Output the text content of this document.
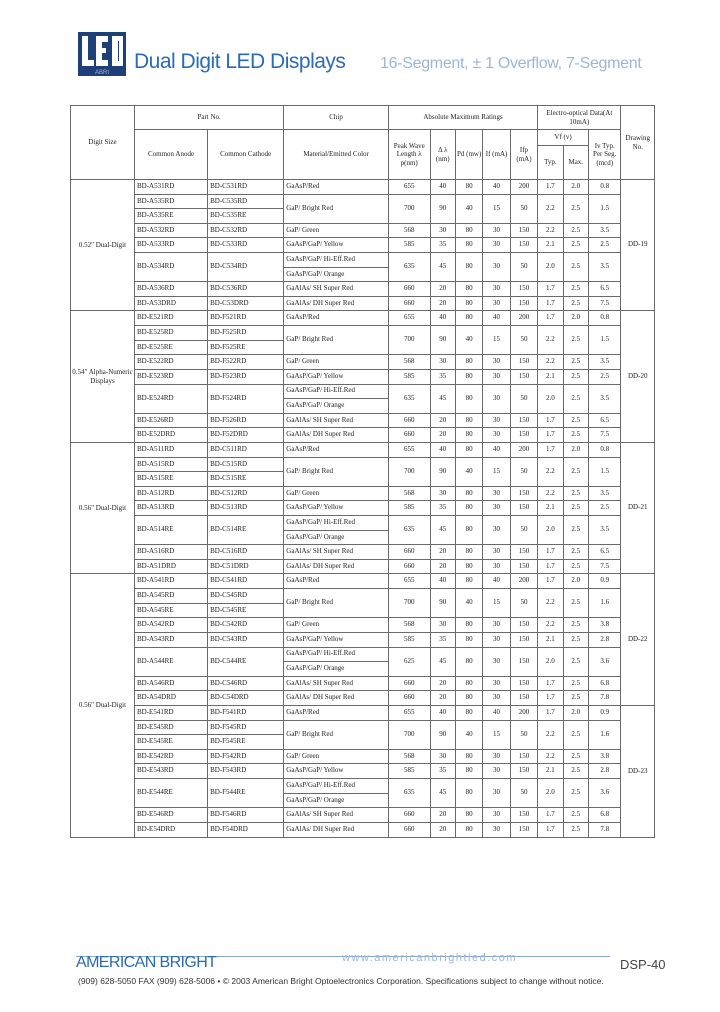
ABRI Dual Digit LED Displays 16-Segment, ± 1 Overflow, 7-Segment
Digit Size	Part No.		Chip	Absolute Maximum Ratings					Electro-optical Data(At 10mA)			Drawing No.
	Common Anode	Common Cathode	Material/Emitted Color	Peak Wave Length λ p(nm)	Δ λ (nm)	Pd (mw)	If (mA)	Ifp (mA)	Vf (v)		Iv Typ. Per Seg. (mcd)	
									Typ.	Max.		
0.52" Dual-Digit	BD-A531RD	BD-C531RD	GaAsP/Red	655	40	80	40	200	1.7	2.0	0.8	DD-19
	BD-A535RD	BD-C535RD	GaP/ Bright Red	700	90	40	15	50	2.2	2.5	1.5	
	BD-A535RE	BD-C535RE										
	BD-A532RD	BD-C532RD	GaP/ Green	568	30	80	30	150	2.2	2.5	3.5	
	BD-A533RD	BD-C533RD	GaAsP/GaP/ Yellow	585	35	80	30	150	2.1	2.5	2.5	
	BD-A534RD	BD-C534RD	GaAsP/GaP/ Hi-Eff.Red	635	45	80	30	50	2.0	2.5	3.5	
			GaAsP/GaP/ Orange									
	BD-A536RD	BD-C536RD	GaAlAs/ SH Super Red	660	20	80	30	150	1.7	2.5	6.5	
	BD-A53DRD	BD-C53DRD	GaAlAs/ DH Super Red	660	20	80	30	150	1.7	2.5	7.5	
0.54" Alpha-Numeric Displays	BD-E521RD	BD-F521RD	GaAsP/Red	655	40	80	40	200	1.7	2.0	0.8	DD-20
	BD-E525RD	BD-F525RD	GaP/ Bright Red	700	90	40	15	50	2.2	2.5	1.5	
	BD-E525RE	BD-F525RE										
	BD-E522RD	BD-F522RD	GaP/ Green	568	30	80	30	150	2.2	2.5	3.5	
	BD-E523RD	BD-F523RD	GaAsP/GaP/ Yellow	585	35	80	30	150	2.1	2.5	2.5	
	BD-E524RD	BD-F524RD	GaAsP/GaP/ Hi-Eff.Red	635	45	80	30	50	2.0	2.5	3.5	
			GaAsP/GaP/ Orange									
	BD-E526RD	BD-F526RD	GaAlAs/ SH Super Red	660	20	80	30	150	1.7	2.5	6.5	
	BD-E52DRD	BD-F52DRD	GaAlAs/ DH Super Red	660	20	80	30	150	1.7	2.5	7.5	
0.56" Dual-Digit	BD-A511RD	BD-C511RD	GaAsP/Red	655	40	80	40	200	1.7	2.0	0.8	DD-21
	BD-A515RD	BD-C515RD	GaP/ Bright Red	700	90	40	15	50	2.2	2.5	1.5	
	BD-A515RE	BD-C515RE										
	BD-A512RD	BD-C512RD	GaP/ Green	568	30	80	30	150	2.2	2.5	3.5	
	BD-A513RD	BD-C513RD	GaAsP/GaP/ Yellow	585	35	80	30	150	2.1	2.5	2.5	
	BD-A514RE	BD-C514RE	GaAsP/GaP/ Hi-Eff.Red	635	45	80	30	50	2.0	2.5	3.5	
			GaAsP/GaP/ Orange									
	BD-A516RD	BD-C516RD	GaAlAs/ SH Super Red	660	20	80	30	150	1.7	2.5	6.5	
	BD-A51DRD	BD-C51DRD	GaAlAs/ DH Super Red	660	20	80	30	150	1.7	2.5	7.5	
0.56" Dual-Digit	BD-A541RD	BD-C541RD	GaAsP/Red	655	40	80	40	200	1.7	2.0	0.9	DD-22
	BD-A545RD	BD-C545RD	GaP/ Bright Red	700	90	40	15	50	2.2	2.5	1.6	
	BD-A545RE	BD-C545RE										
	BD-A542RD	BD-C542RD	GaP/ Green	568	30	80	30	150	2.2	2.5	3.8	
	BD-A543RD	BD-C543RD	GaAsP/GaP/ Yellow	585	35	80	30	150	2.1	2.5	2.8	
	BD-A544RE	BD-C544RE	GaAsP/GaP/ Hi-Eff.Red	625	45	80	30	150	2.0	2.5	3.6	
			GaAsP/GaP/ Orange									
	BD-A546RD	BD-C546RD	GaAlAs/ SH Super Red	660	20	80	30	150	1.7	2.5	6.8	
	BD-A54DRD	BD-C54DRD	GaAlAs/ DH Super Red	660	20	80	30	150	1.7	2.5	7.8	
	BD-E541RD	BD-F541RD	GaAsP/Red	655	40	80	40	200	1.7	2.0	0.9	DD-23
	BD-E545RD	BD-F545RD	GaP/ Bright Red	700	90	40	15	50	2.2	2.5	1.6	
	BD-E545RE	BD-F545RE										
	BD-E542RD	BD-F542RD	GaP/ Green	568	30	80	30	150	2.2	2.5	3.8	
	BD-E543RD	BD-F543RD	GaAsP/GaP/ Yellow	585	35	80	30	150	2.1	2.5	2.8	
	BD-E544RE	BD-F544RE	GaAsP/GaP/ Hi-Eff.Red	635	45	80	30	50	2.0	2.5	3.6	
			GaAsP/GaP/ Orange									
	BD-E546RD	BD-F546RD	GaAlAs/ SH Super Red	660	20	80	30	150	1.7	2.5	6.8	
	BD-E54DRD	BD-F54DRD	GaAlAs/ DH Super Red	660	20	80	30	150	1.7	2.5	7.8	
AMERICAN BRIGHT	www.americanbrightled.com	DSP-40
(909) 628-5050 FAX (909) 628-5006 • © 2003 American Bright Optoelectronics Corporation. Specifications subject to change without notice.
